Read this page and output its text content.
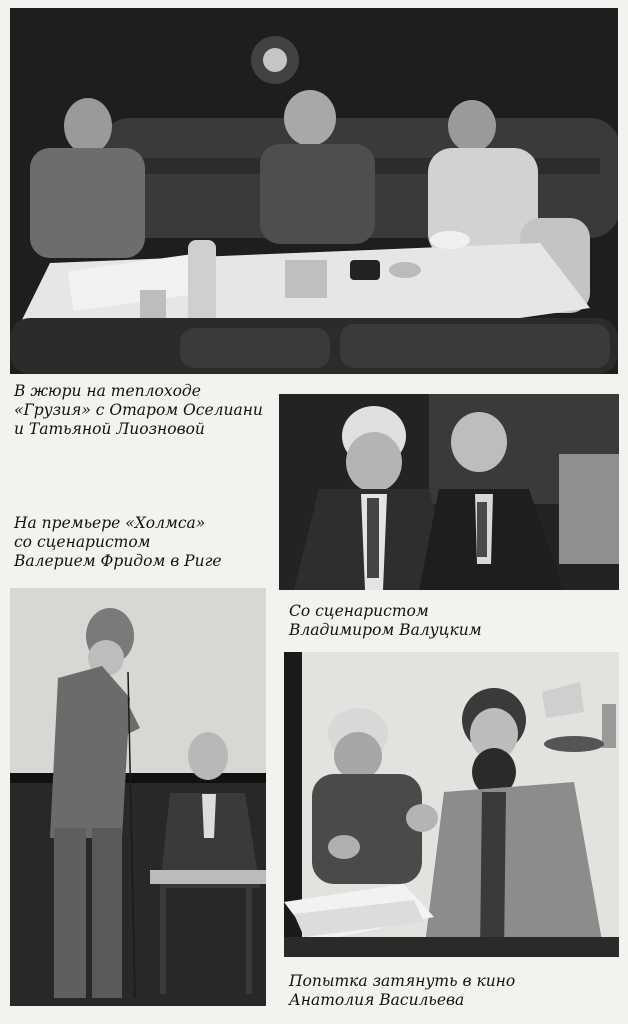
В жюри на теплоходе
«Грузия» с Отаром Оселиани
и Татьяной Лиозновой
На премьере «Холмса»
со сценаристом
Валерием Фридом в Риге
Со сценаристом
Владимиром Валуцким
Попытка затянуть в кино
Анатолия Васильева
